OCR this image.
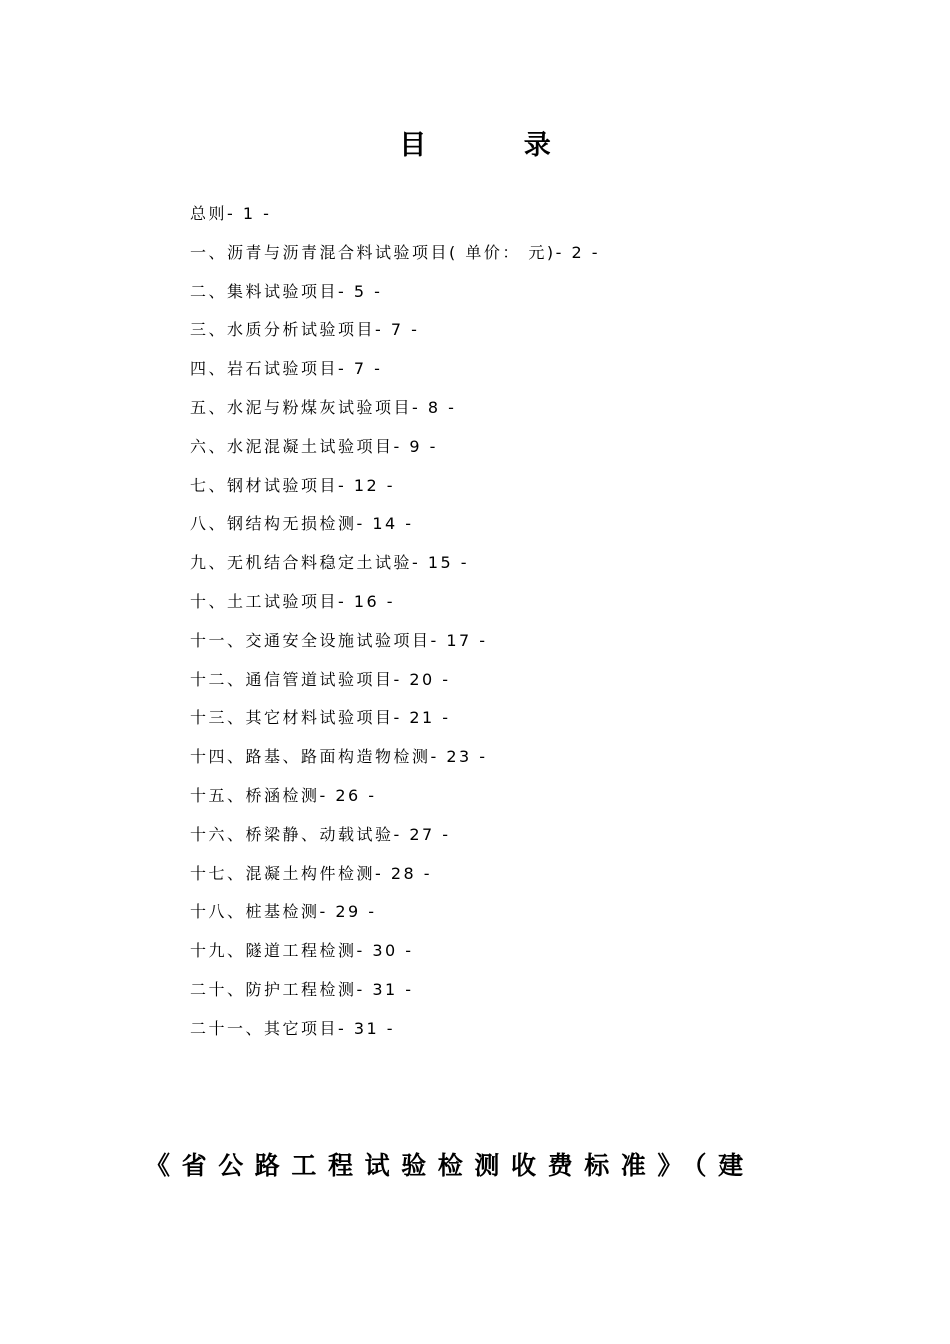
目 录
总则- 1 -
一、沥青与沥青混合料试验项目( 单价： 元)- 2 -
二、集料试验项目- 5 -
三、水质分析试验项目- 7 -
四、岩石试验项目- 7 -
五、水泥与粉煤灰试验项目- 8 -
六、水泥混凝土试验项目- 9 -
七、钢材试验项目- 12 -
八、钢结构无损检测- 14 -
九、无机结合料稳定土试验- 15 -
十、土工试验项目- 16 -
十一、交通安全设施试验项目- 17 -
十二、通信管道试验项目- 20 -
十三、其它材料试验项目- 21 -
十四、路基、路面构造物检测- 23 -
十五、桥涵检测- 26 -
十六、桥梁静、动载试验- 27 -
十七、混凝土构件检测- 28 -
十八、桩基检测- 29 -
十九、隧道工程检测- 30 -
二十、防护工程检测- 31 -
二十一、其它项目- 31 -
《省公路工程试验检测收费标准》（建
